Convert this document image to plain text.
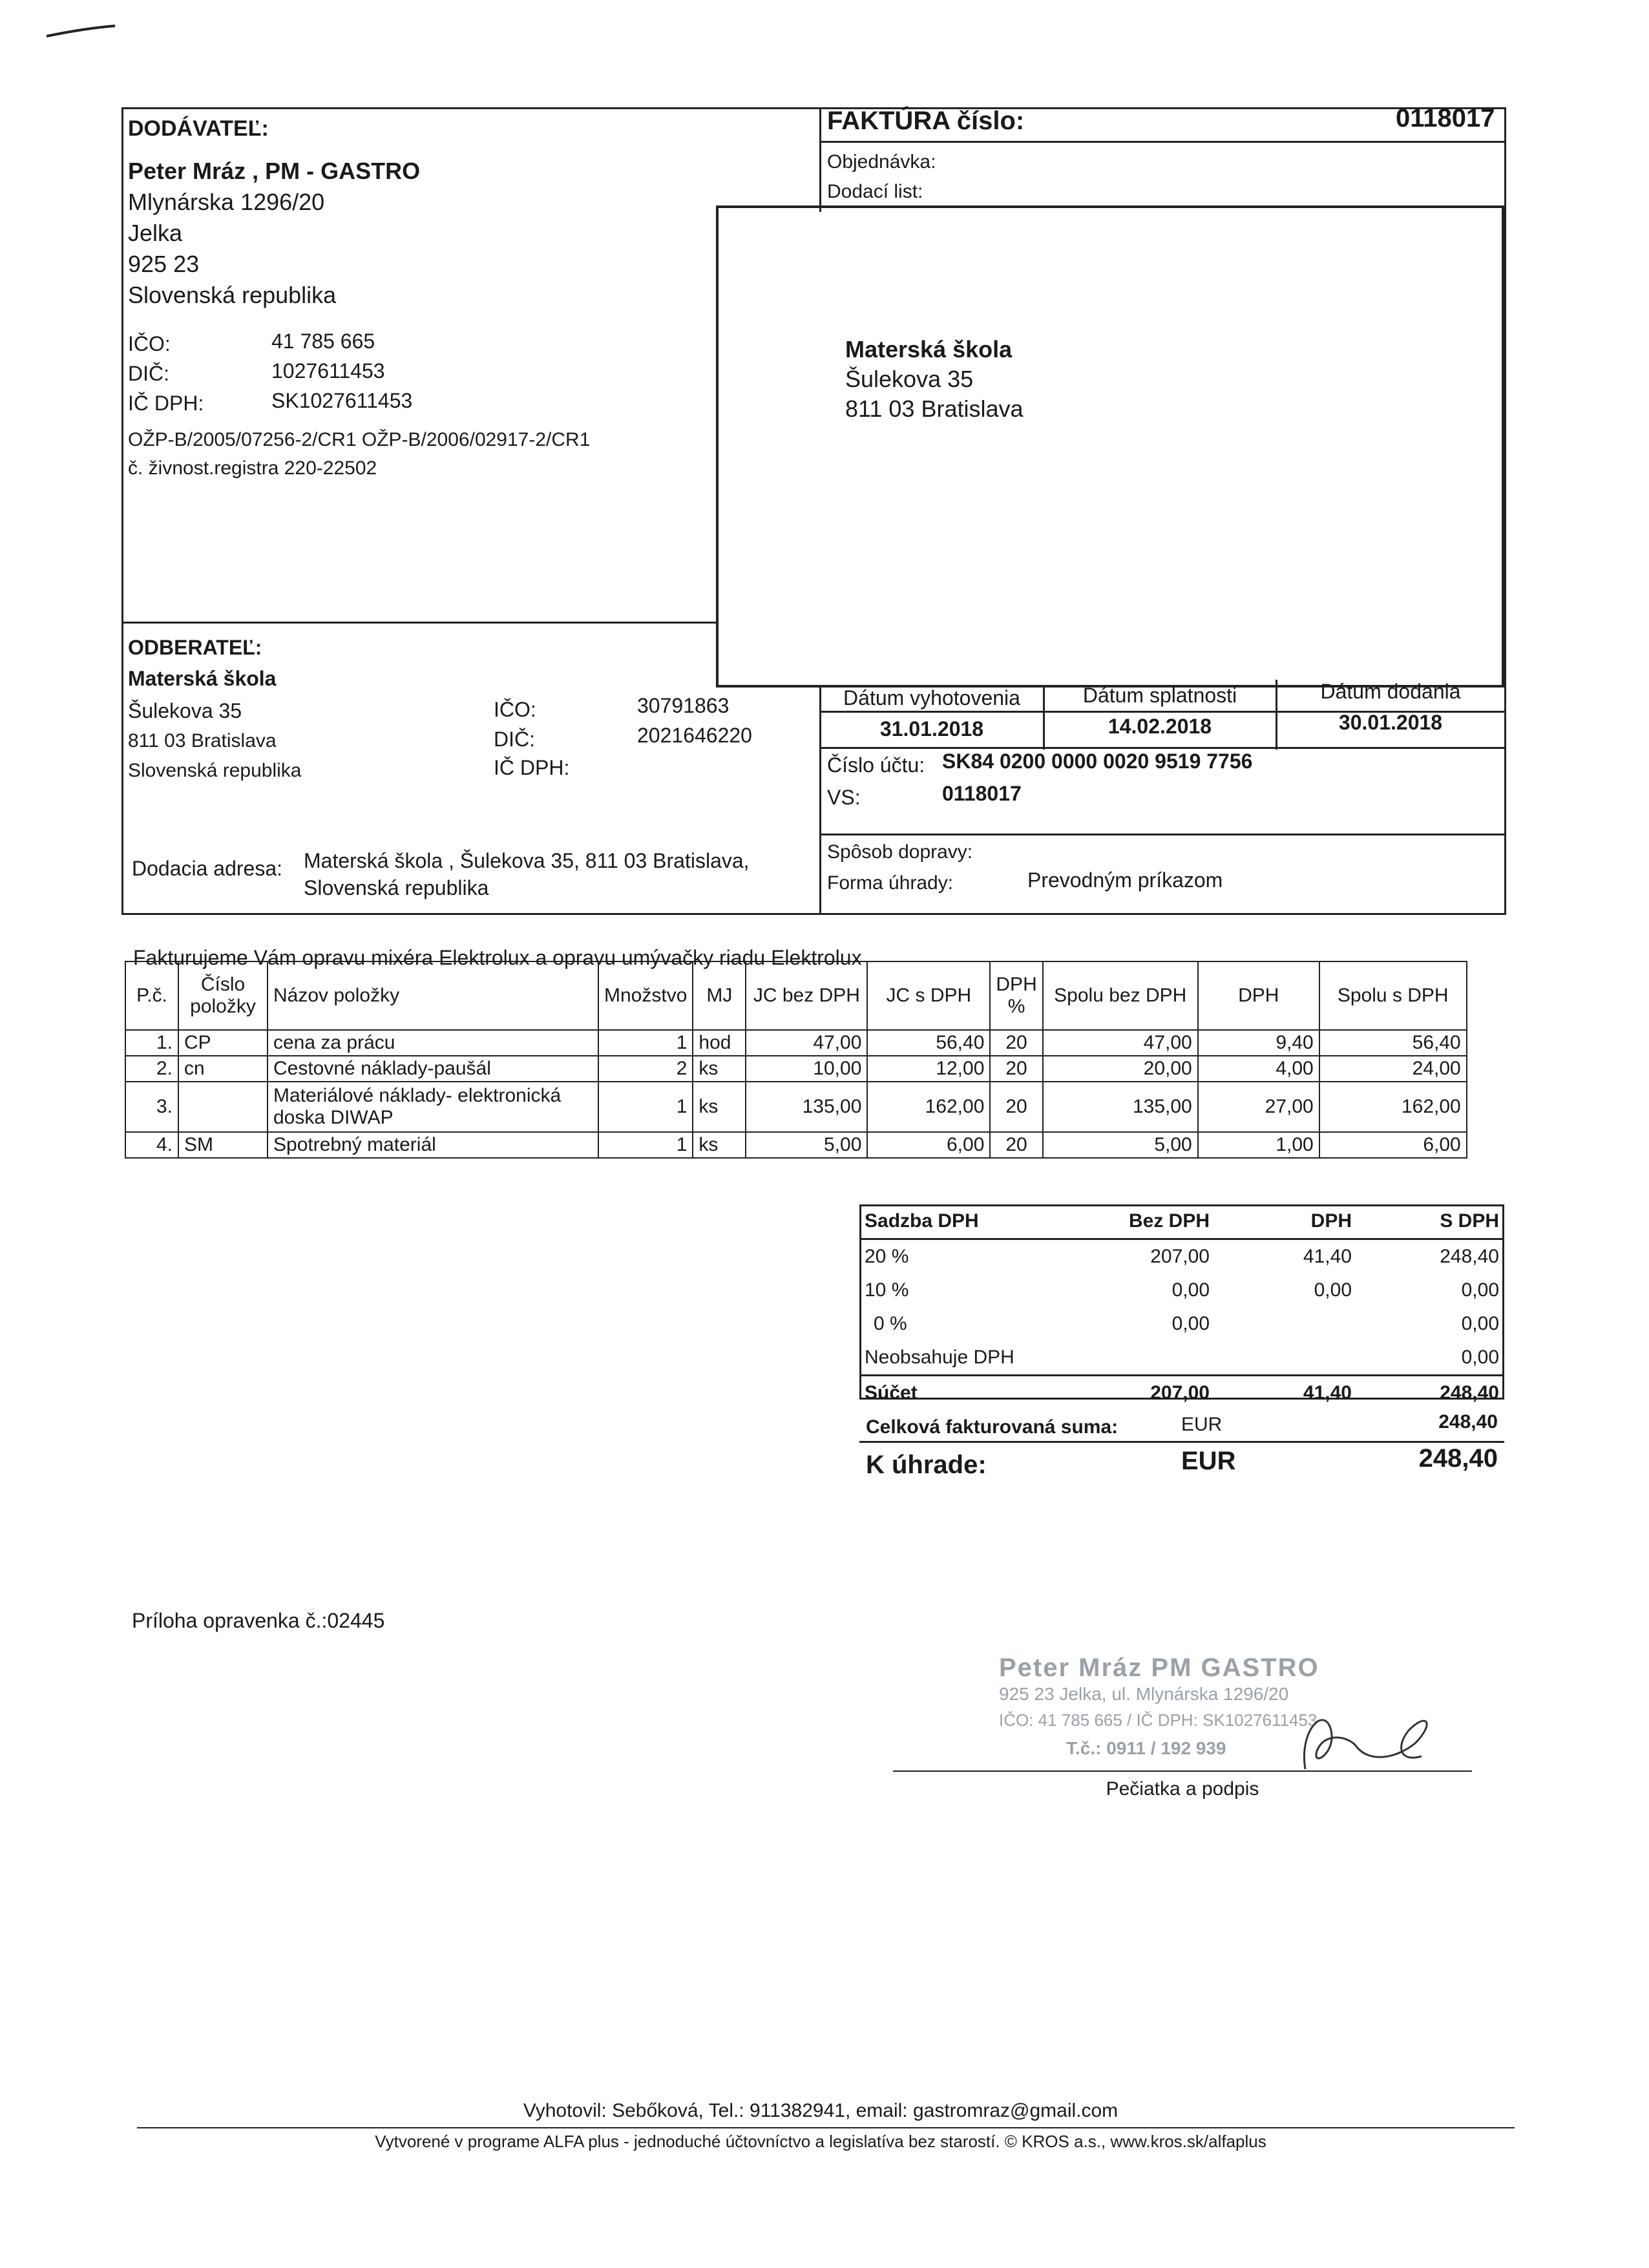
DODÁVATEĽ:
Peter Mráz , PM - GASTRO
Mlynárska 1296/20
Jelka
925 23
Slovenská republika
IČO:	41 785 665
DIČ:	1027611453
IČ DPH:	SK1027611453
OŽP-B/2005/07256-2/CR1 OŽP-B/2006/02917-2/CR1
č. živnost.registra 220-22502
FAKTÚRA číslo:	0118017
Objednávka:
Dodací list:
Materská škola
Šulekova 35
811 03 Bratislava
ODBERATEĽ:
Materská škola
Šulekova 35
811 03 Bratislava
Slovenská republika
IČO:	30791863
DIČ:	2021646220
IČ DPH:
Dátum vyhotovenia	Dátum splatnosti	Dátum dodania
31.01.2018	14.02.2018	30.01.2018
Číslo účtu: SK84 0200 0000 0020 9519 7756
VS:	0118017
Spôsob dopravy:
Forma úhrady:	Prevodným príkazom
Dodacia adresa: Materská škola , Šulekova 35, 811 03 Bratislava,
Slovenská republika
Fakturujeme Vám opravu mixéra Elektrolux a opravu umývačky riadu Elektrolux
P.č.	Číslo položky	Názov položky	Množstvo	MJ	JC bez DPH	JC s DPH	DPH %	Spolu bez DPH	DPH	Spolu s DPH
1.	CP	cena za prácu	1	hod	47,00	56,40	20	47,00	9,40	56,40
2.	cn	Cestovné náklady-paušál	2	ks	10,00	12,00	20	20,00	4,00	24,00
3.		Materiálové náklady- elektronická doska DIWAP	1	ks	135,00	162,00	20	135,00	27,00	162,00
4.	SM	Spotrebný materiál	1	ks	5,00	6,00	20	5,00	1,00	6,00
Sadzba DPH	Bez DPH	DPH	S DPH
20 %	207,00	41,40	248,40
10 %	0,00	0,00	0,00
0 %	0,00		0,00
Neobsahuje DPH			0,00
Súčet	207,00	41,40	248,40
Celková fakturovaná suma:	EUR	248,40
K úhrade:	EUR	248,40
Príloha opravenka č.:02445
Peter Mráz PM GASTRO
925 23 Jelka, ul. Mlynárska 1296/20
IČO: 41 785 665 / IČ DPH: SK1027611453
T.č.: 0911 / 192 939
Pečiatka a podpis
Vyhotovil: Sebőková, Tel.: 911382941, email: gastromraz@gmail.com
Vytvorené v programe ALFA plus - jednoduché účtovníctvo a legislatíva bez starostí. © KROS a.s., www.kros.sk/alfaplus
